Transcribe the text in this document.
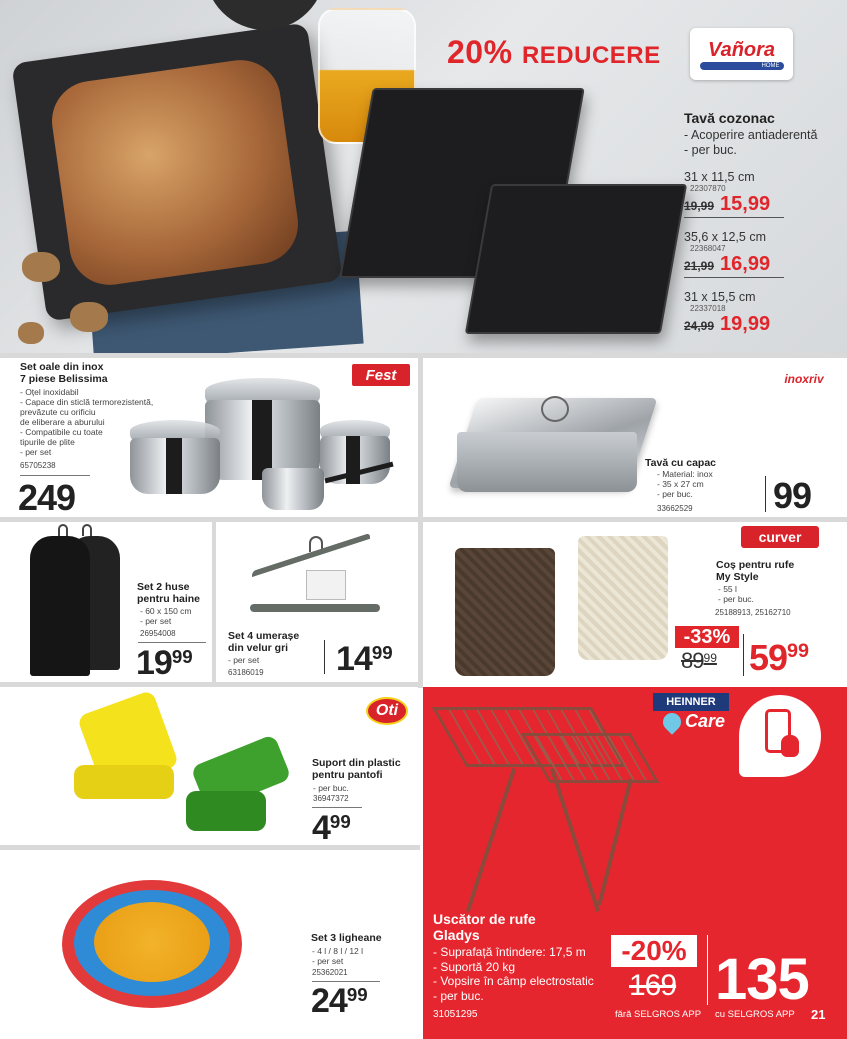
20% REDUCERE Vañora
HOME
Tavă cozonac
- Acoperire antiaderentă
- per buc.
31 x 11,5 cm
22307870
19,99 15,99
35,6 x 12,5 cm
22368047
21,99 16,99
31 x 15,5 cm
22337018
24,99 19,99
Fest
Set oale din inox
7 piese Belissima
- Oțel inoxidabil
- Capace din sticlă termorezistentă,
prevăzute cu orificiu
de eliberare a aburului
- Compatibile cu toate
tipurile de plite
- per set
65705238
249
inoxriv
Tavă cu capac
- Material: inox
- 35 x 27 cm
- per buc.
33662529 99
Set 2 huse
pentru haine
- 60 x 150 cm
- per set
26954008
$19^{99}$
Set 4 umerașe
din velur gri
- per set
63186019 $14^{99}$
curver
Coș pentru rufe
My Style
- 55 l
- per buc.
25188913, 25162710
-33%
$89^{99}$ $59^{99}$
Oti
Suport din plastic
pentru pantofi
- per buc.
36947372
$4^{99}$
Set 3 ligheane
- 4 l / 8 l / 12 l
- per set
25362021
$24^{99}$
HEINNER
Care
Uscător de rufe
Gladys
- Suprafață întindere: 17,5 m
- Suportă 20 kg
- Vopsire în câmp electrostatic
- per buc.
31051295
-20%
169
fără SELGROS APP
135
cu SELGROS APP 21
